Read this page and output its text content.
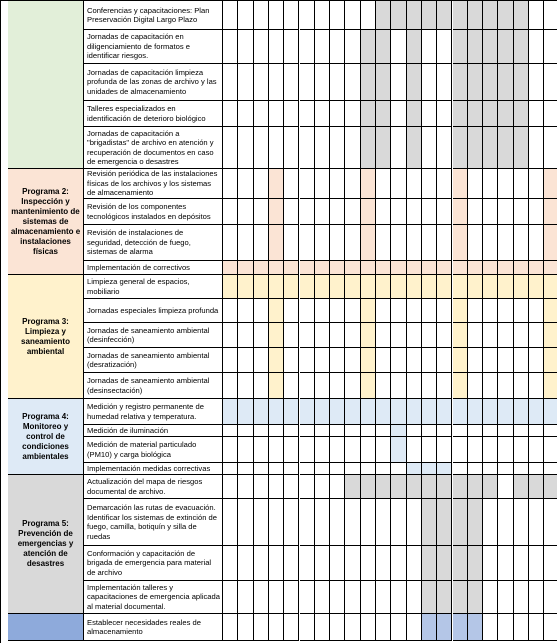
Programa 2: Inspección y mantenimiento de sistemas de almacenamiento e instalaciones físicas
Programa 3: Limpieza y saneamiento ambiental
Programa 4: Monitoreo y control de condiciones ambientales
Programa 5: Prevención de emergencias y atención de desastres
Conferencias y capacitaciones: Plan Preservación Digital Largo Plazo
Jornadas de capacitación en diligenciamiento de formatos e identificar riesgos.
Jornadas de capacitación limpieza profunda de las zonas de archivo y las unidades de almacenamiento
Talleres especializados en identificación de deterioro biológico
Jornadas de capacitación a "brigadistas" de archivo en atención y recuperación de documentos en caso de emergencia o desastres
Revisión periódica de las instalaciones físicas de los archivos y los sistemas de almacenamiento
Revisión de los componentes tecnológicos instalados en depósitos
Revisión de instalaciones de seguridad, detección de fuego, sistemas de alarma
Implementación de correctivos
Limpieza general de espacios, mobiliario
Jornadas especiales limpieza profunda
Jornadas de saneamiento ambiental (desinfección)
Jornadas de saneamiento ambiental (desratización)
Jornadas de saneamiento ambiental (desinsectación)
Medición y registro permanente de humedad relativa y temperatura.
Medición de iluminación
Medición de material particulado (PM10) y carga biológica
Implementación medidas correctivas
Actualización del mapa de riesgos documental de archivo.
Demarcación las rutas de evacuación. Identificar los sistemas de extinción de fuego, camilla, botiquín y silla de ruedas
Conformación y capacitación de brigada de emergencia para material de archivo
Implementación talleres y capacitaciones de emergencia aplicada al material documental.
Establecer necesidades reales de almacenamiento
